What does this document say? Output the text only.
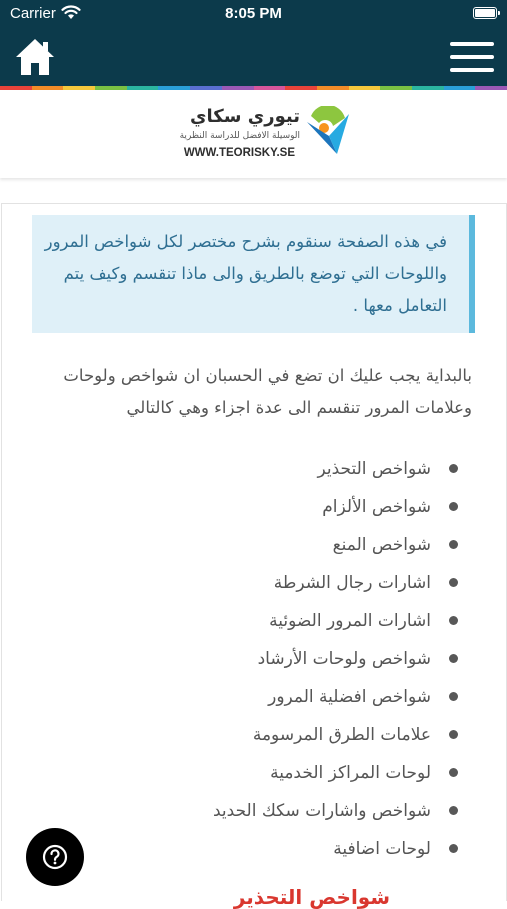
Carrier	8:05 PM
تيوري سكاي
الوسيلة الافضل للدراسة النظرية
WWW.TEORISKY.SE
في هذه الصفحة سنقوم بشرح مختصر لكل شواخص المرور واللوحات التي توضع بالطريق والى ماذا تنقسم وكيف يتم التعامل معها .
بالبداية يجب عليك ان تضع في الحسبان ان شواخص ولوحات وعلامات المرور تنقسم الى عدة اجزاء وهي كالتالي
شواخص التحذير
شواخص الألزام
شواخص المنع
اشارات رجال الشرطة
اشارات المرور الضوئية
شواخص ولوحات الأرشاد
شواخص افضلية المرور
علامات الطرق المرسومة
لوحات المراكز الخدمية
شواخص واشارات سكك الحديد
لوحات اضافية
شواخص التحذير
